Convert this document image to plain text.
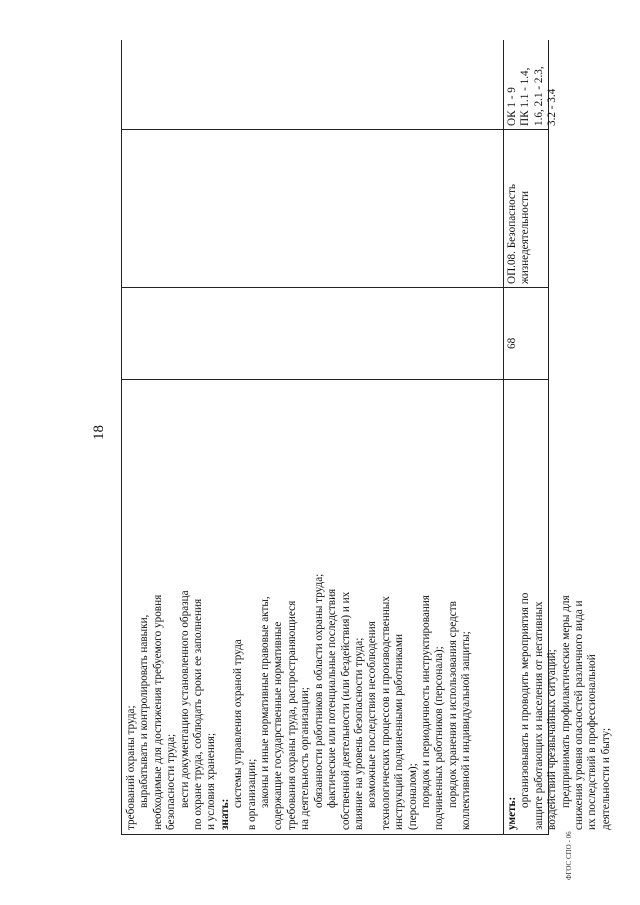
требований охраны труда; вырабатывать и контролировать навыки, необходимые для достижения требуемого уровня безопасности труда; вести документацию установленного образца по охране труда, соблюдать сроки ее заполнения и условия хранения; знать:
системы управления охраной труда в организации; законы и иные нормативные правовые акты, содержащие государственные нормативные требования охраны труда, распространяющиеся на деятельность организации; обязанности работников в области охраны труда; фактические или потенциальные последствия собственной деятельности (или бездействия) и их влияние на уровень безопасности труда; возможные последствия несоблюдения технологических процессов и производственных инструкций подчиненными работниками (персоналом); порядок и периодичность инструктирования подчиненных работников (персонала); порядок хранения и использования средств коллективной и индивидуальной защиты;	уметь:
организовывать и проводить мероприятия по защите работающих и населения от негативных воздействий чрезвычайных ситуаций; предпринимать профилактические меры для снижения уровня опасностей различного вида и их последствий в профессиональной деятельности и быту;
68
ОП.08. Безопасность жизнедеятельности
ОК 1 - 9 ПК 1.1 - 1.4, 1.6, 2.1 - 2.3, 3.2 - 3.4
18
ФГОС СПО - 06
